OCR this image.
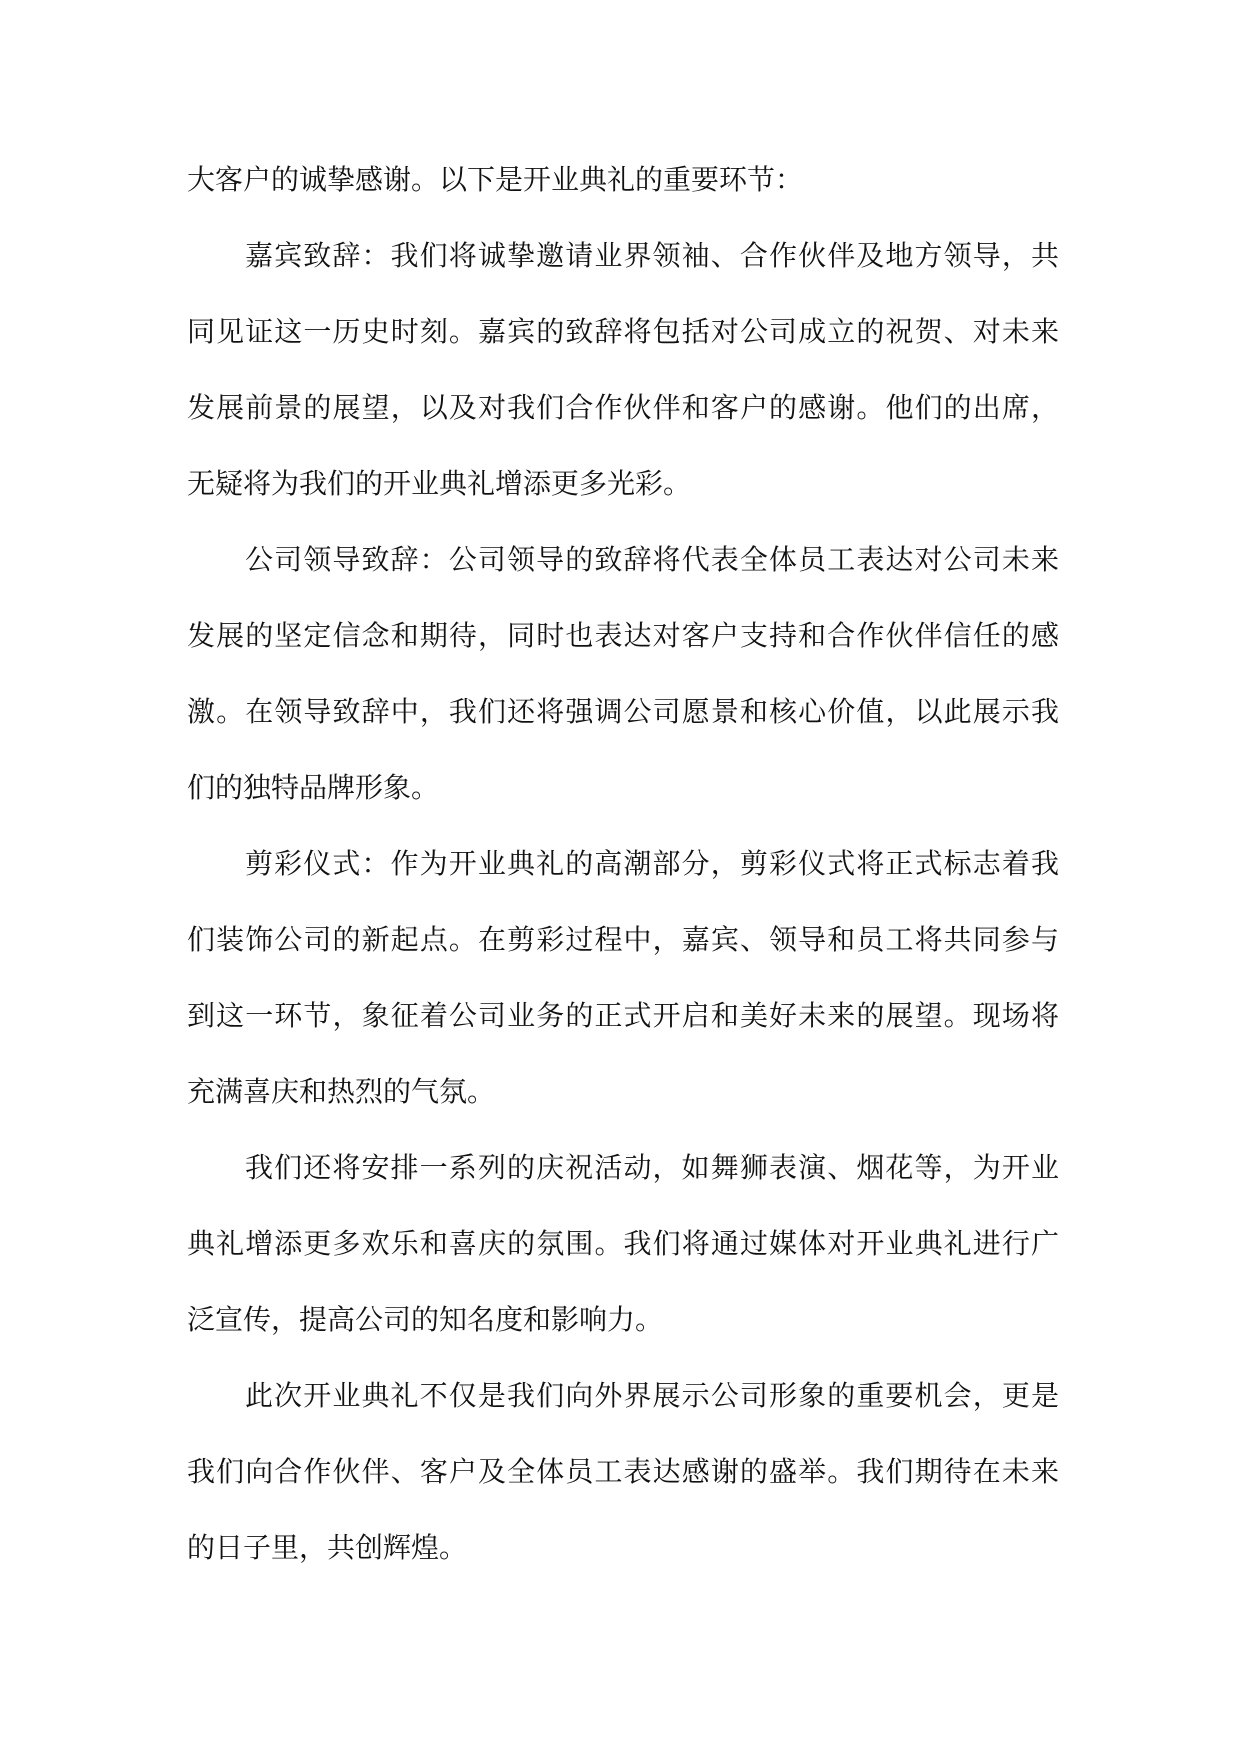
大客户的诚挚感谢。以下是开业典礼的重要环节：
嘉宾致辞：我们将诚挚邀请业界领袖、合作伙伴及地方领导，共
同见证这一历史时刻。嘉宾的致辞将包括对公司成立的祝贺、对未来
发展前景的展望，以及对我们合作伙伴和客户的感谢。他们的出席，
无疑将为我们的开业典礼增添更多光彩。
公司领导致辞：公司领导的致辞将代表全体员工表达对公司未来
发展的坚定信念和期待，同时也表达对客户支持和合作伙伴信任的感
激。在领导致辞中，我们还将强调公司愿景和核心价值，以此展示我
们的独特品牌形象。
剪彩仪式：作为开业典礼的高潮部分，剪彩仪式将正式标志着我
们装饰公司的新起点。在剪彩过程中，嘉宾、领导和员工将共同参与
到这一环节，象征着公司业务的正式开启和美好未来的展望。现场将
充满喜庆和热烈的气氛。
我们还将安排一系列的庆祝活动，如舞狮表演、烟花等，为开业
典礼增添更多欢乐和喜庆的氛围。我们将通过媒体对开业典礼进行广
泛宣传，提高公司的知名度和影响力。
此次开业典礼不仅是我们向外界展示公司形象的重要机会，更是
我们向合作伙伴、客户及全体员工表达感谢的盛举。我们期待在未来
的日子里，共创辉煌。
